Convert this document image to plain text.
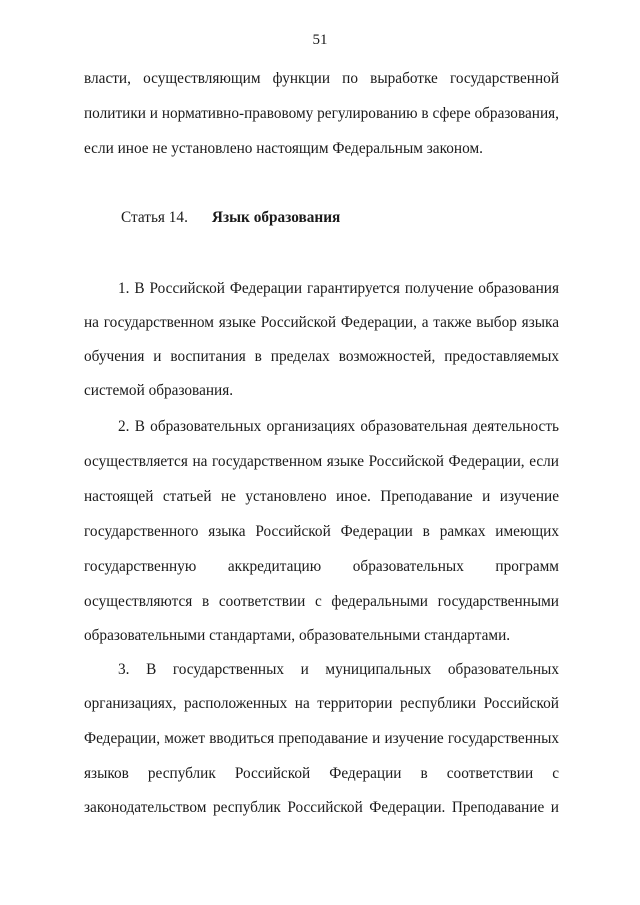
51
власти, осуществляющим функции по выработке государственной
политики и нормативно-правовому регулированию в сфере образования,
если иное не установлено настоящим Федеральным законом.
Статья 14. Язык образования
1. В Российской Федерации гарантируется получение образования
на государственном языке Российской Федерации, а также выбор языка
обучения и воспитания в пределах возможностей, предоставляемых
системой образования.
2. В образовательных организациях образовательная деятельность
осуществляется на государственном языке Российской Федерации, если
настоящей статьей не установлено иное. Преподавание и изучение
государственного языка Российской Федерации в рамках имеющих
государственную аккредитацию образовательных программ
осуществляются в соответствии с федеральными государственными
образовательными стандартами, образовательными стандартами.
3. В государственных и муниципальных образовательных
организациях, расположенных на территории республики Российской
Федерации, может вводиться преподавание и изучение государственных
языков республик Российской Федерации в соответствии с
законодательством республик Российской Федерации. Преподавание и
